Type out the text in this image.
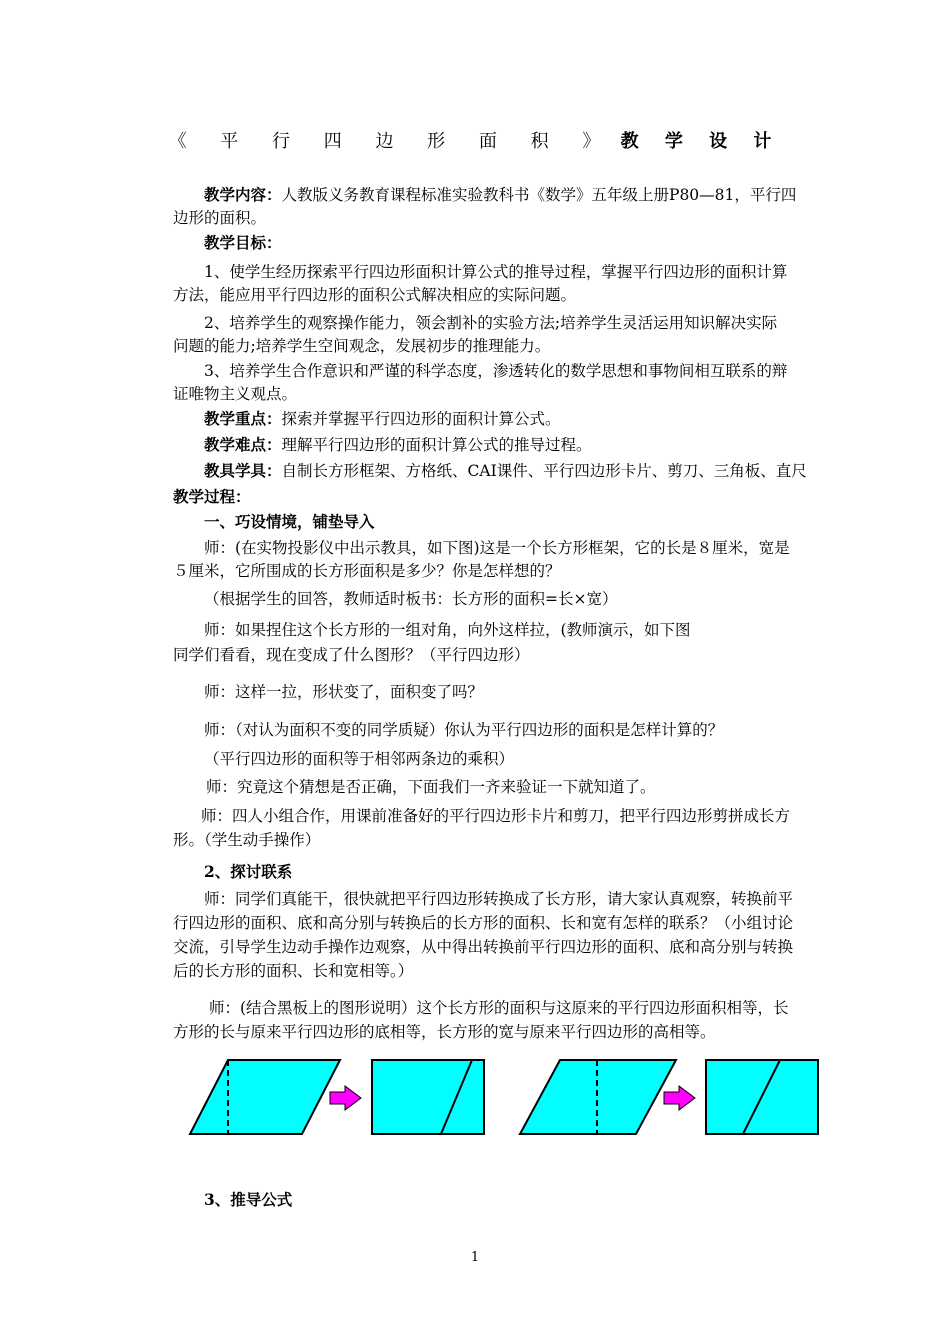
《 平 行 四 边 形 面 积 》 教 学 设 计
教学内容：人教版义务教育课程标准实验教科书《数学》五年级上册P80—81，平行四
边形的面积。
教学目标：
1、使学生经历探索平行四边形面积计算公式的推导过程，掌握平行四边形的面积计算
方法，能应用平行四边形的面积公式解决相应的实际问题。
2、培养学生的观察操作能力，领会割补的实验方法;培养学生灵活运用知识解决实际
问题的能力;培养学生空间观念，发展初步的推理能力。
3、培养学生合作意识和严谨的科学态度，渗透转化的数学思想和事物间相互联系的辩
证唯物主义观点。
教学重点：探索并掌握平行四边形的面积计算公式。
教学难点：理解平行四边形的面积计算公式的推导过程。
教具学具：自制长方形框架、方格纸、CAI课件、平行四边形卡片、剪刀、三角板、直尺
教学过程：
一、巧设情境，铺垫导入
师：(在实物投影仪中出示教具，如下图)这是一个长方形框架，它的长是８厘米，宽是
５厘米，它所围成的长方形面积是多少？你是怎样想的？
（根据学生的回答，教师适时板书：长方形的面积=长×宽）
师：如果捏住这个长方形的一组对角，向外这样拉，(教师演示，如下图
同学们看看，现在变成了什么图形？（平行四边形）
师：这样一拉，形状变了，面积变了吗？
师：（对认为面积不变的同学质疑）你认为平行四边形的面积是怎样计算的？
（平行四边形的面积等于相邻两条边的乘积）
师：究竟这个猜想是否正确，下面我们一齐来验证一下就知道了。
师：四人小组合作，用课前准备好的平行四边形卡片和剪刀，把平行四边形剪拼成长方
形。（学生动手操作）
2、探讨联系
师：同学们真能干，很快就把平行四边形转换成了长方形，请大家认真观察，转换前平
行四边形的面积、底和高分别与转换后的长方形的面积、长和宽有怎样的联系？（小组讨论
交流，引导学生边动手操作边观察，从中得出转换前平行四边形的面积、底和高分别与转换
后的长方形的面积、长和宽相等。）
师：(结合黑板上的图形说明）这个长方形的面积与这原来的平行四边形面积相等，长
方形的长与原来平行四边形的底相等，长方形的宽与原来平行四边形的高相等。
3、推导公式
1
